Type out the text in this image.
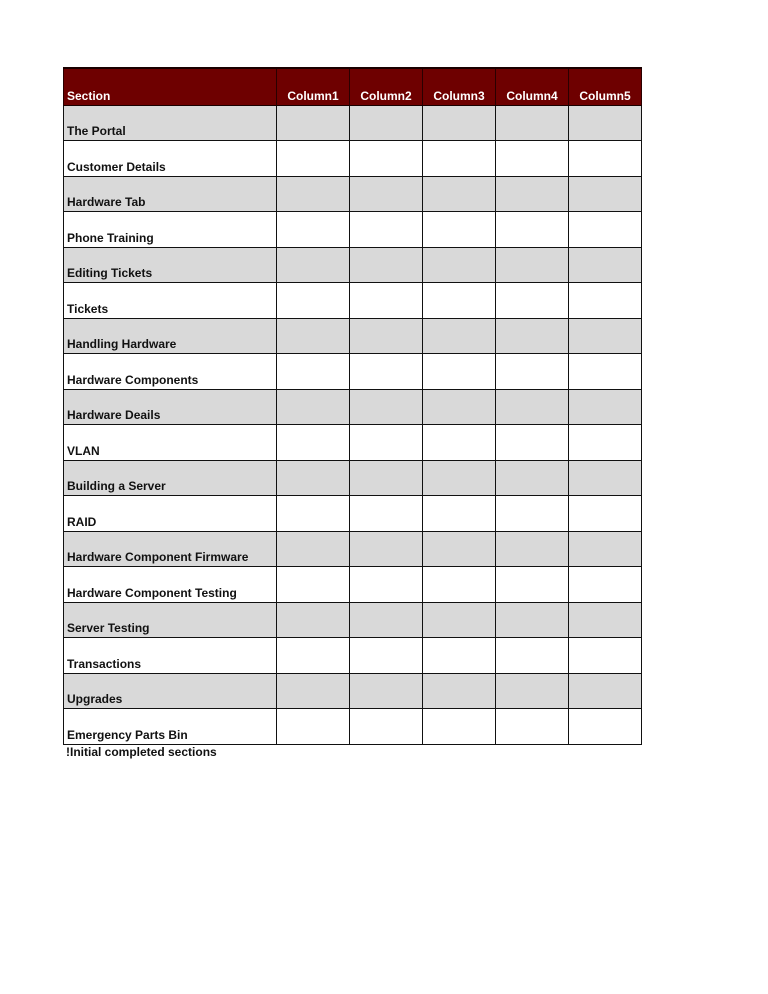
Section	Column1	Column2	Column3	Column4	Column5
The Portal					
Customer Details					
Hardware Tab					
Phone Training					
Editing Tickets					
Tickets					
Handling Hardware					
Hardware Components					
Hardware Deails					
VLAN					
Building a Server					
RAID					
Hardware Component Firmware					
Hardware Component Testing					
Server Testing					
Transactions					
Upgrades					
Emergency Parts Bin					
!Initial completed sections
